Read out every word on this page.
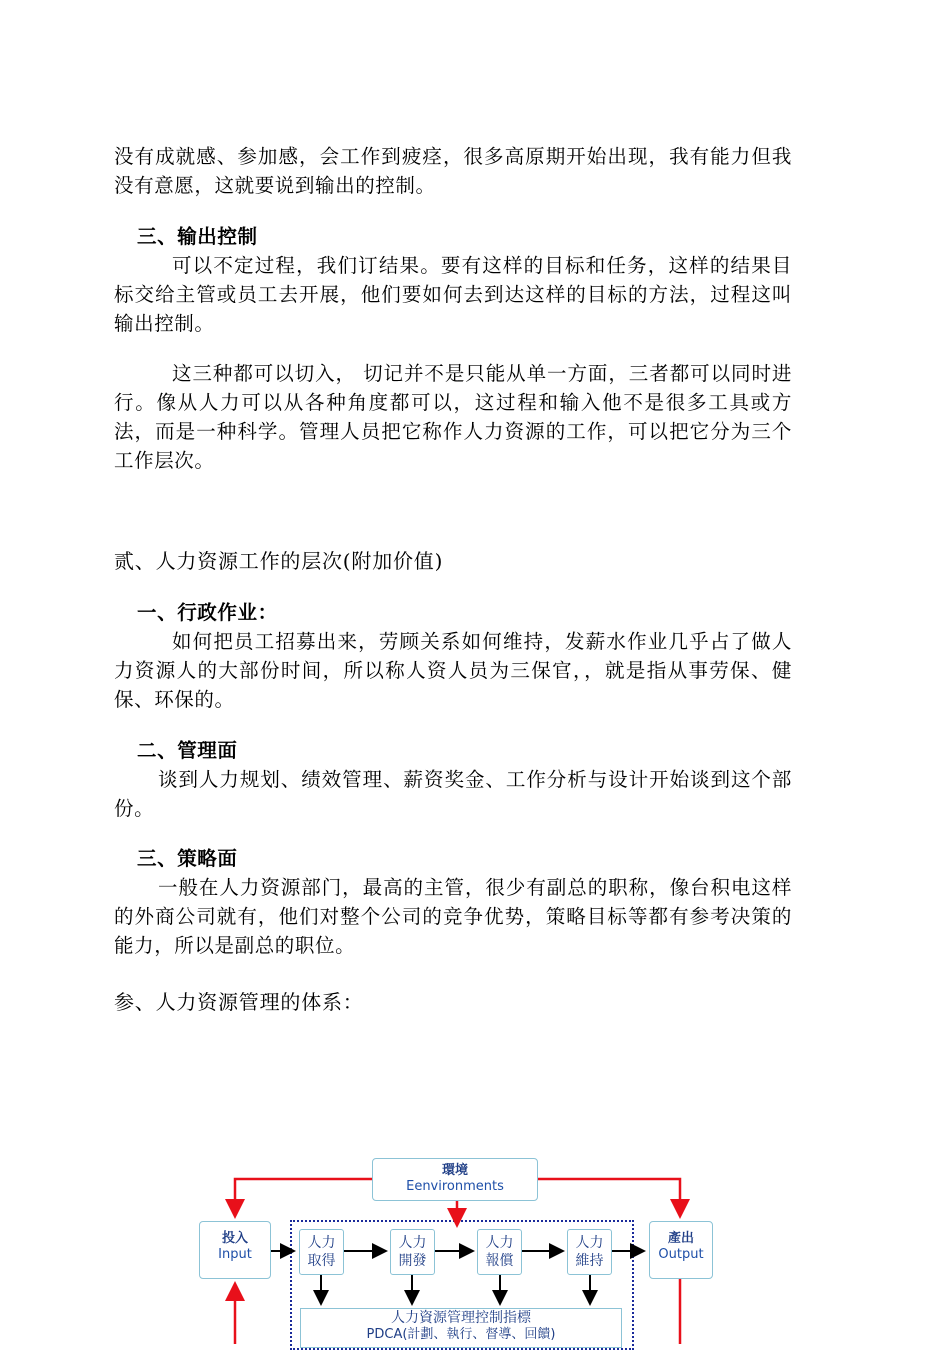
没有成就感、参加感，会工作到疲痉，很多高原期开始出现，我有能力但我没有意愿，这就要说到输出的控制。

三、输出控制

可以不定过程，我们订结果。要有这样的目标和任务，这样的结果目标交给主管或员工去开展，他们要如何去到达这样的目标的方法，过程这叫输出控制。

这三种都可以切入， 切记并不是只能从单一方面，三者都可以同时进行。像从人力可以从各种角度都可以，这过程和输入他不是很多工具或方法，而是一种科学。管理人员把它称作人力资源的工作，可以把它分为三个工作层次。

贰、人力资源工作的层次(附加价值)

一、行政作业：

如何把员工招募出来，劳顾关系如何维持，发薪水作业几乎占了做人力资源人的大部份时间，所以称人资人员为三保官，，就是指从事劳保、健保、环保的。

二、管理面

谈到人力规划、绩效管理、薪资奖金、工作分析与设计开始谈到这个部份。

三、策略面

一般在人力资源部门，最高的主管，很少有副总的职称，像台积电这样的外商公司就有，他们对整个公司的竞争优势，策略目标等都有参考决策的能力，所以是副总的职位。

参、人力资源管理的体系：

環境
Eenvironments
投入
Input
產出
Output
人力
取得
人力
開發
人力
報償
人力
維持
人力資源管理控制指標
PDCA(計劃、執行、督導、回饋)
